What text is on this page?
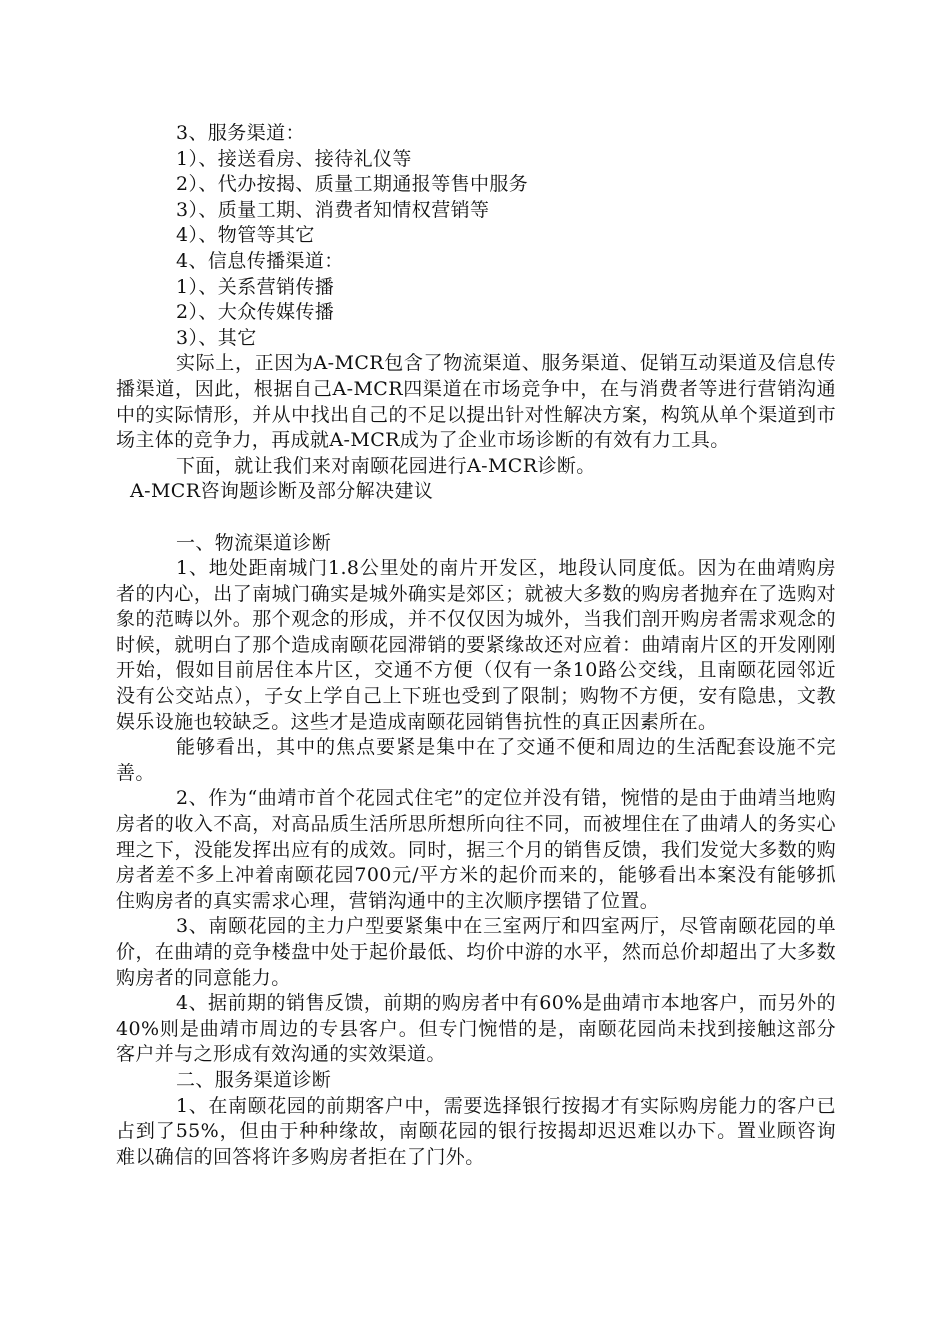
3、服务渠道：

1）、接送看房、接待礼仪等

2）、代办按揭、质量工期通报等售中服务

3）、质量工期、消费者知情权营销等

4）、物管等其它

4、信息传播渠道：

1）、关系营销传播

2）、大众传媒传播

3）、其它

实际上，正因为A-MCR包含了物流渠道、服务渠道、促销互动渠道及信息传播渠道，因此，根据自己A-MCR四渠道在市场竞争中，在与消费者等进行营销沟通中的实际情形，并从中找出自己的不足以提出针对性解决方案，构筑从单个渠道到市场主体的竞争力，再成就A-MCR成为了企业市场诊断的有效有力工具。

下面，就让我们来对南颐花园进行A-MCR诊断。

A-MCR咨询题诊断及部分解决建议

一、物流渠道诊断

1、地处距南城门1.8公里处的南片开发区，地段认同度低。因为在曲靖购房者的内心，出了南城门确实是城外确实是郊区；就被大多数的购房者抛弃在了选购对象的范畴以外。那个观念的形成，并不仅仅因为城外，当我们剖开购房者需求观念的时候，就明白了那个造成南颐花园滞销的要紧缘故还对应着：曲靖南片区的开发刚刚开始，假如目前居住本片区，交通不方便（仅有一条10路公交线，且南颐花园邻近没有公交站点），子女上学自己上下班也受到了限制；购物不方便，安有隐患，文教娱乐设施也较缺乏。这些才是造成南颐花园销售抗性的真正因素所在。

能够看出，其中的焦点要紧是集中在了交通不便和周边的生活配套设施不完善。

2、作为“曲靖市首个花园式住宅”的定位并没有错，惋惜的是由于曲靖当地购房者的收入不高，对高品质生活所思所想所向往不同，而被埋住在了曲靖人的务实心理之下，没能发挥出应有的成效。同时，据三个月的销售反馈，我们发觉大多数的购房者差不多上冲着南颐花园700元/平方米的起价而来的，能够看出本案没有能够抓住购房者的真实需求心理，营销沟通中的主次顺序摆错了位置。

3、南颐花园的主力户型要紧集中在三室两厅和四室两厅，尽管南颐花园的单价，在曲靖的竞争楼盘中处于起价最低、均价中游的水平，然而总价却超出了大多数购房者的同意能力。

4、据前期的销售反馈，前期的购房者中有60%是曲靖市本地客户，而另外的40%则是曲靖市周边的专县客户。但专门惋惜的是，南颐花园尚未找到接触这部分客户并与之形成有效沟通的实效渠道。

二、服务渠道诊断

1、在南颐花园的前期客户中，需要选择银行按揭才有实际购房能力的客户已占到了55%，但由于种种缘故，南颐花园的银行按揭却迟迟难以办下。置业顾咨询难以确信的回答将许多购房者拒在了门外。
